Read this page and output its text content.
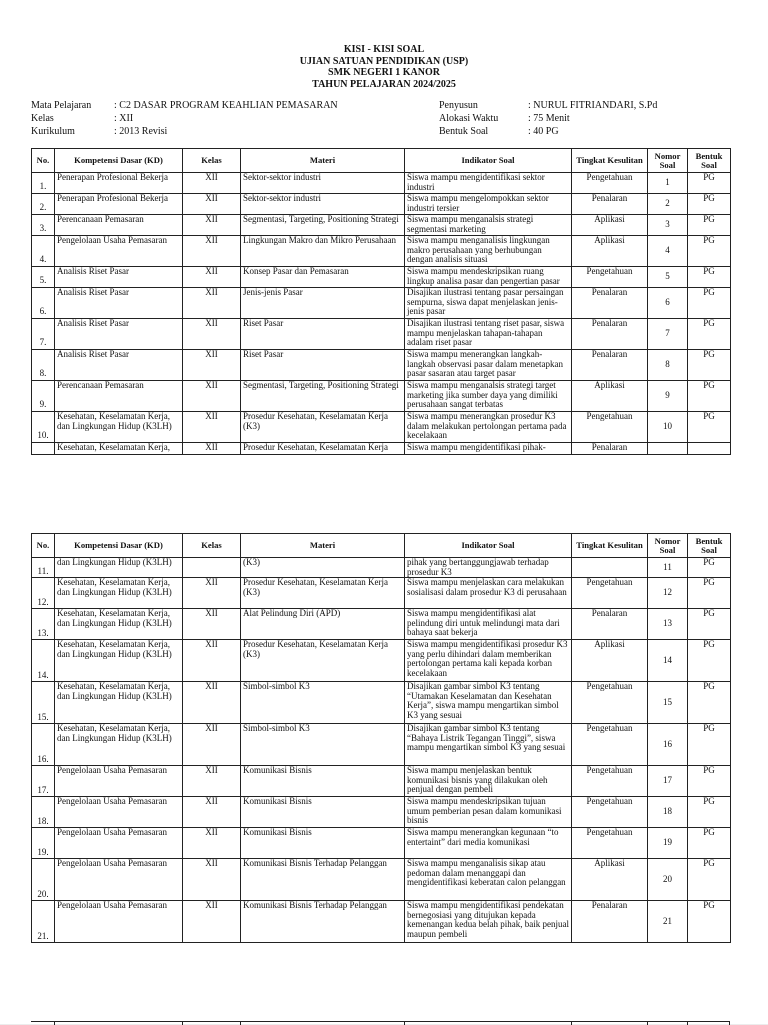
KISI - KISI SOAL
UJIAN SATUAN PENDIDIKAN (USP)
SMK NEGERI 1 KANOR
TAHUN PELAJARAN 2024/2025
Mata Pelajaran : C2 DASAR PROGRAM KEAHLIAN PEMASARAN
Kelas	: XII
Kurikulum	: 2013 Revisi
Penyusun	: NURUL FITRIANDARI, S.Pd
Alokasi Waktu	: 75 Menit
Bentuk Soal	: 40 PG
No.	Kompetensi Dasar (KD)	Kelas	Materi	Indikator Soal	Tingkat Kesulitan	Nomor Soal	Bentuk Soal
1.	Penerapan Profesional Bekerja	XII	Sektor-sektor industri	Siswa mampu mengidentifikasi sektor industri	Pengetahuan	1	PG
2.	Penerapan Profesional Bekerja	XII	Sektor-sektor industri	Siswa mampu mengelompokkan sektor industri tersier	Penalaran	2	PG
3.	Perencanaan Pemasaran	XII	Segmentasi, Targeting, Positioning Strategi	Siswa mampu menganalsis strategi segmentasi marketing	Aplikasi	3	PG
4.	Pengelolaan Usaha Pemasaran	XII	Lingkungan Makro dan Mikro Perusahaan	Siswa mampu menganalisis lingkungan makro perusahaan yang berhubungan dengan analisis situasi	Aplikasi	4	PG
5.	Analisis Riset Pasar	XII	Konsep Pasar dan Pemasaran	Siswa mampu mendeskripsikan ruang lingkup analisa pasar dan pengertian pasar	Pengetahuan	5	PG
6.	Analisis Riset Pasar	XII	Jenis-jenis Pasar	Disajikan ilustrasi tentang pasar persaingan sempurna, siswa dapat menjelaskan jenis-jenis pasar	Penalaran	6	PG
7.	Analisis Riset Pasar	XII	Riset Pasar	Disajikan ilustrasi tentang riset pasar, siswa mampu menjelaskan tahapan-tahapan adalam riset pasar	Penalaran	7	PG
8.	Analisis Riset Pasar	XII	Riset Pasar	Siswa mampu menerangkan langkah-langkah observasi pasar dalam menetapkan pasar sasaran atau target pasar	Penalaran	8	PG
9.	Perencanaan Pemasaran	XII	Segmentasi, Targeting, Positioning Strategi	Siswa mampu menganalsis strategi target marketing jika sumber daya yang dimiliki perusahaan sangat terbatas	Aplikasi	9	PG
10.	Kesehatan, Keselamatan Kerja, dan Lingkungan Hidup (K3LH)	XII	Prosedur Kesehatan, Keselamatan Kerja (K3)	Siswa mampu menerangkan prosedur K3 dalam melakukan pertolongan pertama pada kecelakaan	Pengetahuan	10	PG
	Kesehatan, Keselamatan Kerja,	XII	Prosedur Kesehatan, Keselamatan Kerja	Siswa mampu mengidentifikasi pihak-	Penalaran		
No.	Kompetensi Dasar (KD)	Kelas	Materi	Indikator Soal	Tingkat Kesulitan	Nomor Soal	Bentuk Soal
11.	dan Lingkungan Hidup (K3LH)		(K3)	pihak yang bertanggungjawab terhadap prosedur K3		11	PG
12.	Kesehatan, Keselamatan Kerja, dan Lingkungan Hidup (K3LH)	XII	Prosedur Kesehatan, Keselamatan Kerja (K3)	Siswa mampu menjelaskan cara melakukan sosialisasi dalam prosedur K3 di perusahaan	Pengetahuan	12	PG
13.	Kesehatan, Keselamatan Kerja, dan Lingkungan Hidup (K3LH)	XII	Alat Pelindung Diri (APD)	Siswa mampu mengidentifikasi alat pelindung diri untuk melindungi mata dari bahaya saat bekerja	Penalaran	13	PG
14.	Kesehatan, Keselamatan Kerja, dan Lingkungan Hidup (K3LH)	XII	Prosedur Kesehatan, Keselamatan Kerja (K3)	Siswa mampu mengidentifikasi prosedur K3 yang perlu dihindari dalam memberikan pertolongan pertama kali kepada korban kecelakaan	Aplikasi	14	PG
15.	Kesehatan, Keselamatan Kerja, dan Lingkungan Hidup (K3LH)	XII	Simbol-simbol K3	Disajikan gambar simbol K3 tentang “Utamakan Keselamatan dan Kesehatan Kerja”, siswa mampu mengartikan simbol K3 yang sesuai	Pengetahuan	15	PG
16.	Kesehatan, Keselamatan Kerja, dan Lingkungan Hidup (K3LH)	XII	Simbol-simbol K3	Disajikan gambar simbol K3 tentang “Bahaya Listrik Tegangan Tinggi”, siswa mampu mengartikan simbol K3 yang sesuai	Pengetahuan	16	PG
17.	Pengelolaan Usaha Pemasaran	XII	Komunikasi Bisnis	Siswa mampu menjelaskan bentuk komunikasi bisnis yang dilakukan oleh penjual dengan pembeli	Pengetahuan	17	PG
18.	Pengelolaan Usaha Pemasaran	XII	Komunikasi Bisnis	Siswa mampu mendeskripsikan tujuan umum pemberian pesan dalam komunikasi bisnis	Pengetahuan	18	PG
19.	Pengelolaan Usaha Pemasaran	XII	Komunikasi Bisnis	Siswa mampu menerangkan kegunaan “to entertaint” dari media komunikasi	Pengetahuan	19	PG
20.	Pengelolaan Usaha Pemasaran	XII	Komunikasi Bisnis Terhadap Pelanggan	Siswa mampu menganalisis sikap atau pedoman dalam menanggapi dan mengidentifikasi keberatan calon pelanggan	Aplikasi	20	PG
21.	Pengelolaan Usaha Pemasaran	XII	Komunikasi Bisnis Terhadap Pelanggan	Siswa mampu mengidentifikasi pendekatan bernegosiasi yang ditujukan kepada kemenangan kedua belah pihak, baik penjual maupun pembeli	Penalaran	21	PG
